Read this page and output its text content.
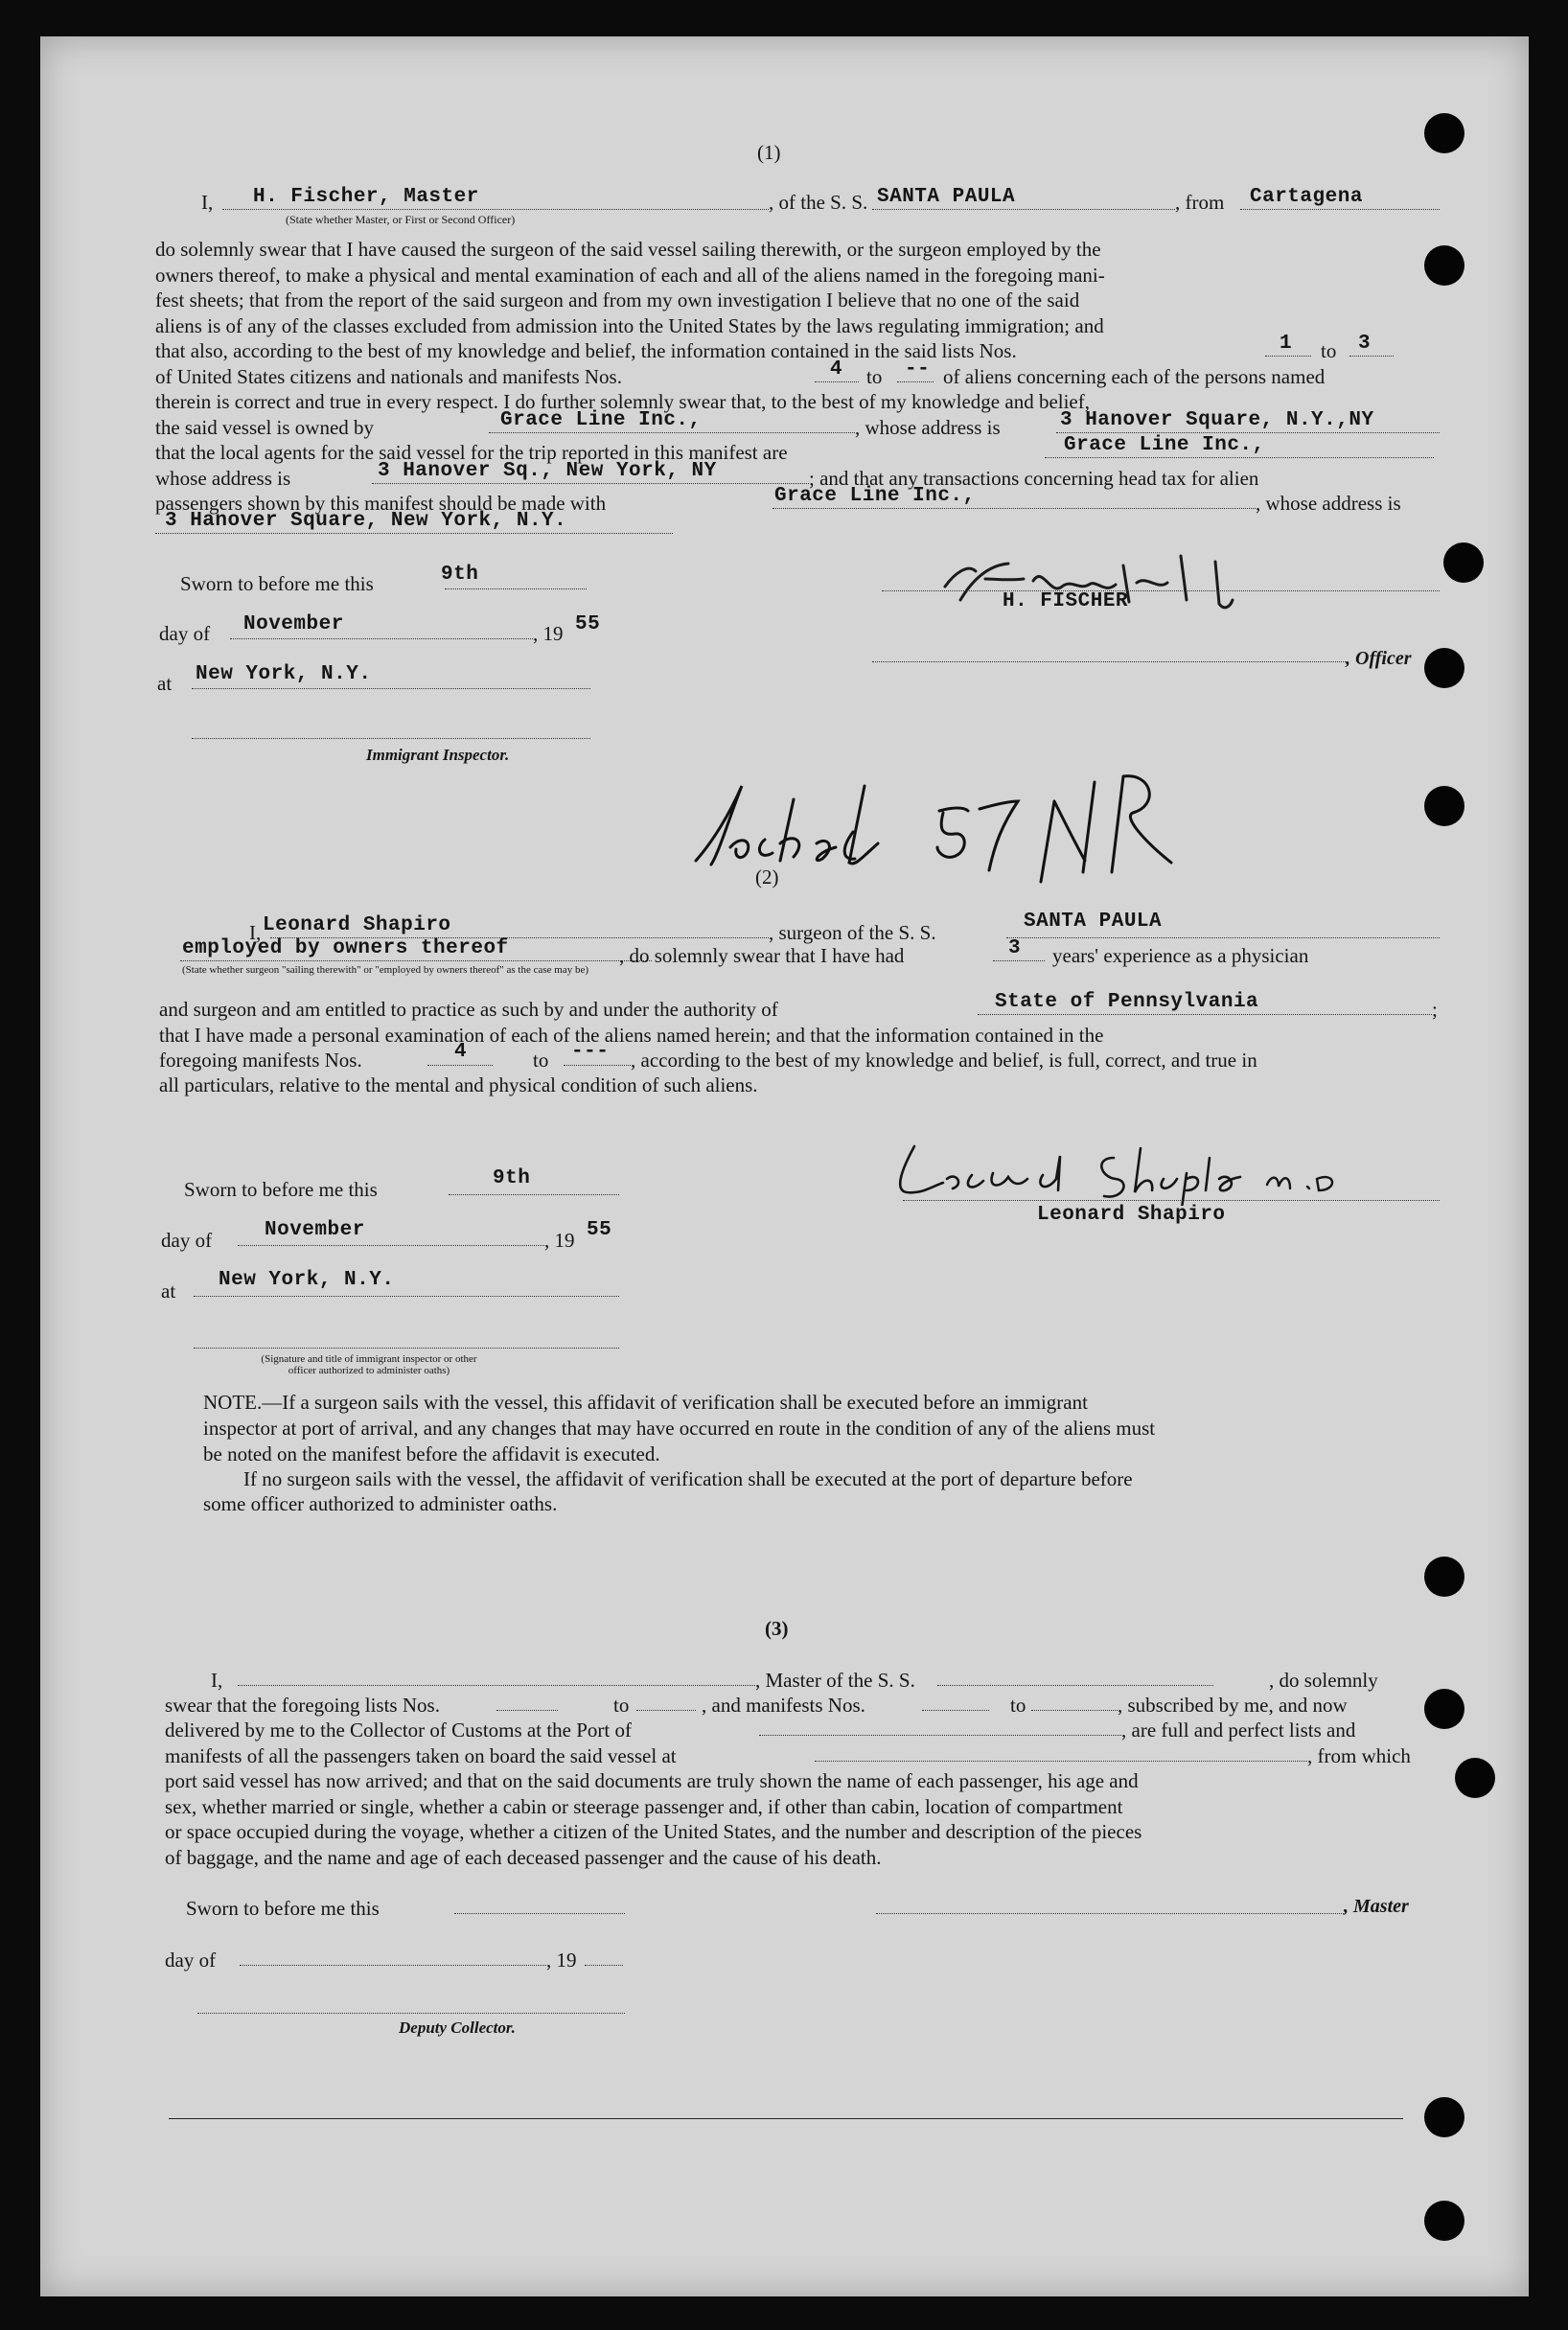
(1)
I, H. Fischer, Master	, of the S. S. SANTA PAULA	, from Cartagena
(State whether Master, or First or Second Officer)
do solemnly swear that I have caused the surgeon of the said vessel sailing therewith, or the surgeon employed by the
owners thereof, to make a physical and mental examination of each and all of the aliens named in the foregoing mani-
fest sheets; that from the report of the said surgeon and from my own investigation I believe that no one of the said
aliens is of any of the classes excluded from admission into the United States by the laws regulating immigration; and
that also, according to the best of my knowledge and belief, the information contained in the said lists Nos.	1 to 3
of United States citizens and nationals and manifests Nos.	4 to -- of aliens concerning each of the persons named
therein is correct and true in every respect. I do further solemnly swear that, to the best of my knowledge and belief,
the said vessel is owned by	Grace Line Inc.,	, whose address is	3 Hanover Square, N.Y.,NY
that the local agents for the said vessel for the trip reported in this manifest are	Grace Line Inc.,
whose address is	3 Hanover Sq., New York, NY	; and that any transactions concerning head tax for alien
passengers shown by this manifest should be made with	Grace Line Inc.,	, whose address is
3 Hanover Square, New York, N.Y.
Sworn to before me this	9th
day of November	, 19 55
at New York, N.Y.
Immigrant Inspector.
H. FISCHER
, Officer
docked 57 NR
(2)
I, Leonard Shapiro	, surgeon of the S. S.	SANTA PAULA
employed by owners thereof	, do solemnly swear that I have had	3 years' experience as a physician
(State whether surgeon "sailing therewith" or "employed by owners thereof" as the case may be)
and surgeon and am entitled to practice as such by and under the authority of	State of Pennsylvania	;
that I have made a personal examination of each of the aliens named herein; and that the information contained in the
foregoing manifests Nos.	4	to --- , according to the best of my knowledge and belief, is full, correct, and true in
all particulars, relative to the mental and physical condition of such aliens.
Sworn to before me this	9th
day of	November	, 19 55
at New York, N.Y.
(Signature and title of immigrant inspector or other officer authorized to administer oaths)
Leonard Shapiro
NOTE.—If a surgeon sails with the vessel, this affidavit of verification shall be executed before an immigrant
inspector at port of arrival, and any changes that may have occurred en route in the condition of any of the aliens must
be noted on the manifest before the affidavit is executed.
If no surgeon sails with the vessel, the affidavit of verification shall be executed at the port of departure before
some officer authorized to administer oaths.
(3)
I,	, Master of the S. S.	, do solemnly
swear that the foregoing lists Nos.	to	, and manifests Nos.	to	, subscribed by me, and now
delivered by me to the Collector of Customs at the Port of	, are full and perfect lists and
manifests of all the passengers taken on board the said vessel at	, from which
port said vessel has now arrived; and that on the said documents are truly shown the name of each passenger, his age and
sex, whether married or single, whether a cabin or steerage passenger and, if other than cabin, location of compartment
or space occupied during the voyage, whether a citizen of the United States, and the number and description of the pieces
of baggage, and the name and age of each deceased passenger and the cause of his death.
Sworn to before me this	, Master
day of	, 19
Deputy Collector.
